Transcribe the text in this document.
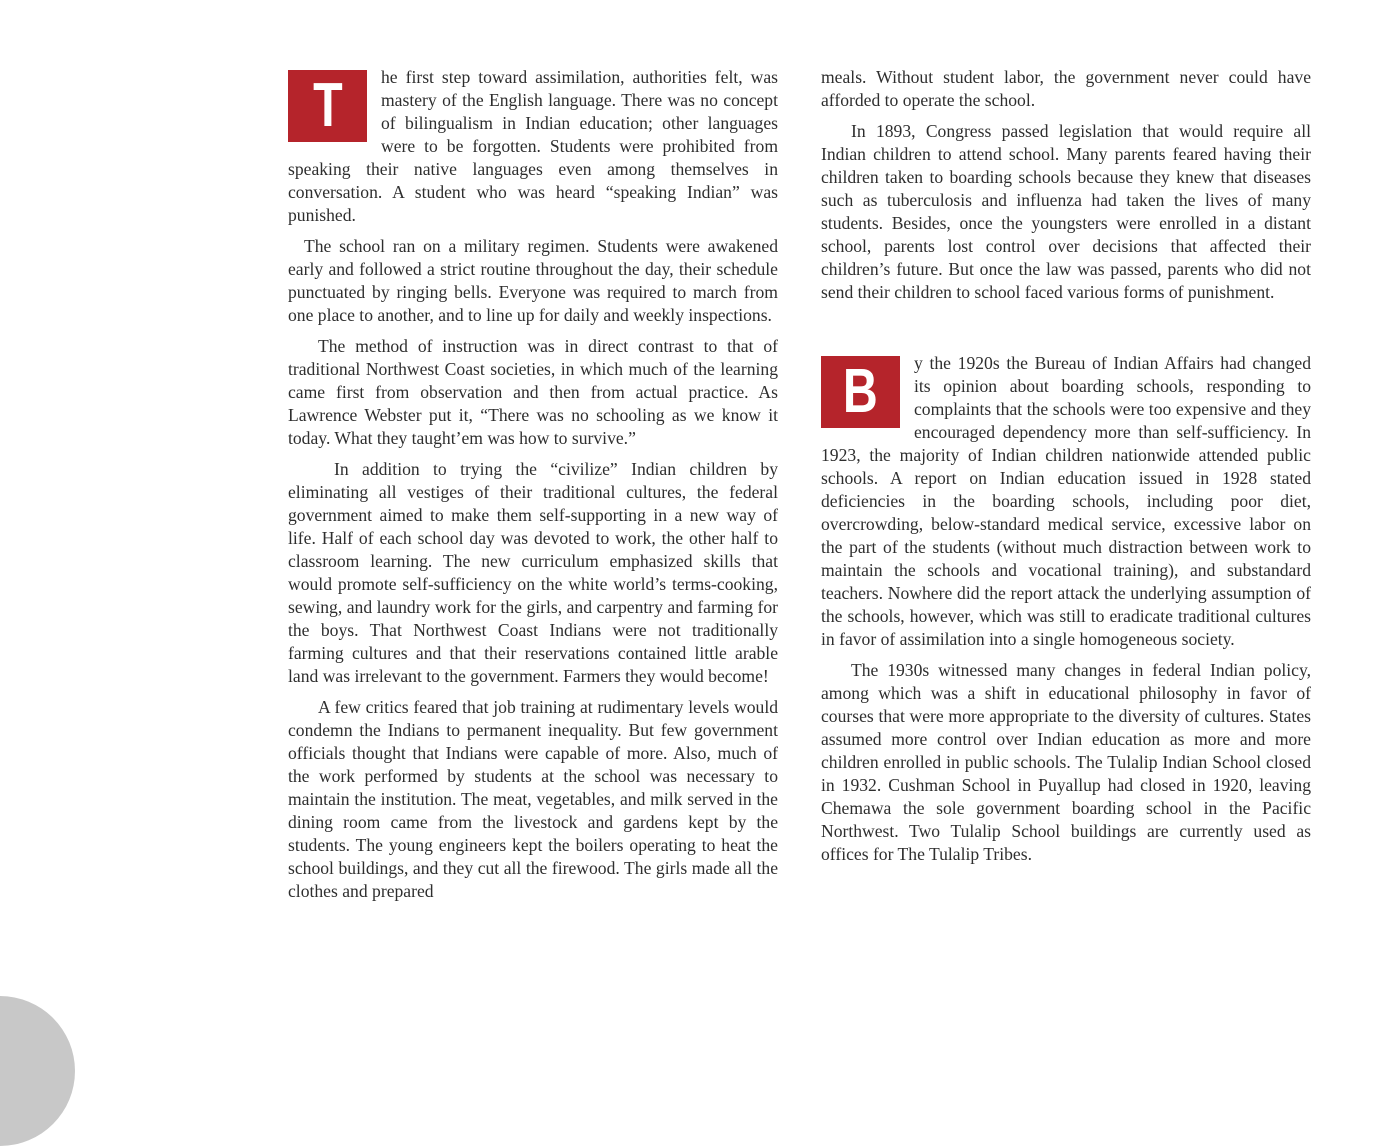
T he first step toward assimilation, authorities felt, was mastery of the English language. There was no concept of bilingualism in Indian education; other languages were to be forgotten. Students were prohibited from speaking their native languages even among themselves in conversation. A student who was heard “speaking Indian” was punished.

The school ran on a military regimen. Students were awakened early and followed a strict routine throughout the day, their schedule punctuated by ringing bells. Everyone was required to march from one place to another, and to line up for daily and weekly inspections.

The method of instruction was in direct contrast to that of traditional Northwest Coast societies, in which much of the learning came first from observation and then from actual practice. As Lawrence Webster put it, “There was no schooling as we know it today. What they taught’em was how to survive.”

In addition to trying the “civilize” Indian children by eliminating all vestiges of their traditional cultures, the federal government aimed to make them self-supporting in a new way of life. Half of each school day was devoted to work, the other half to classroom learning. The new curriculum emphasized skills that would promote self-sufficiency on the white world’s terms-cooking, sewing, and laundry work for the girls, and carpentry and farming for the boys. That Northwest Coast Indians were not traditionally farming cultures and that their reservations contained little arable land was irrelevant to the government. Farmers they would become!

A few critics feared that job training at rudimentary levels would condemn the Indians to permanent inequality. But few government officials thought that Indians were capable of more. Also, much of the work performed by students at the school was necessary to maintain the institution. The meat, vegetables, and milk served in the dining room came from the livestock and gardens kept by the students. The young engineers kept the boilers operating to heat the school buildings, and they cut all the firewood. The girls made all the clothes and prepared

meals. Without student labor, the government never could have afforded to operate the school.

In 1893, Congress passed legislation that would require all Indian children to attend school. Many parents feared having their children taken to boarding schools because they knew that diseases such as tuberculosis and influenza had taken the lives of many students. Besides, once the youngsters were enrolled in a distant school, parents lost control over decisions that affected their children’s future. But once the law was passed, parents who did not send their children to school faced various forms of punishment.

B y the 1920s the Bureau of Indian Affairs had changed its opinion about boarding schools, responding to complaints that the schools were too expensive and they encouraged dependency more than self-sufficiency. In 1923, the majority of Indian children nationwide attended public schools. A report on Indian education issued in 1928 stated deficiencies in the boarding schools, including poor diet, overcrowding, below-standard medical service, excessive labor on the part of the students (without much distraction between work to maintain the schools and vocational training), and substandard teachers. Nowhere did the report attack the underlying assumption of the schools, however, which was still to eradicate traditional cultures in favor of assimilation into a single homogeneous society.

The 1930s witnessed many changes in federal Indian policy, among which was a shift in educational philosophy in favor of courses that were more appropriate to the diversity of cultures. States assumed more control over Indian education as more and more children enrolled in public schools. The Tulalip Indian School closed in 1932. Cushman School in Puyallup had closed in 1920, leaving Chemawa the sole government boarding school in the Pacific Northwest. Two Tulalip School buildings are currently used as offices for The Tulalip Tribes.
